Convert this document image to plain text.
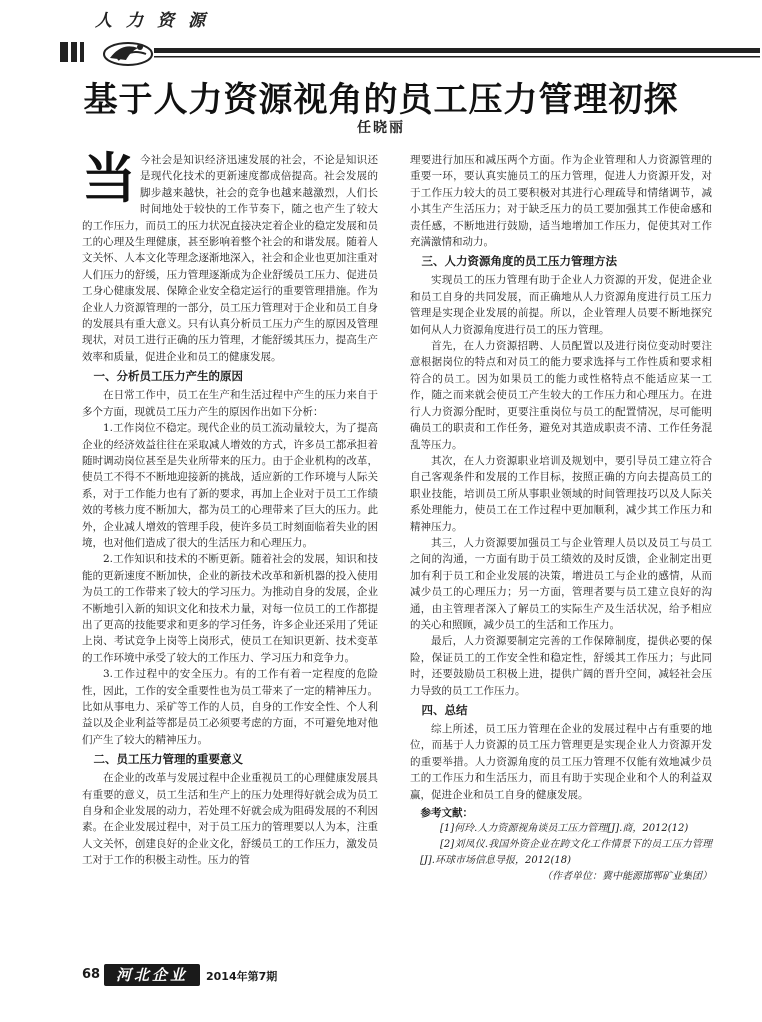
人力资源
基于人力资源视角的员工压力管理初探
任晓丽
当 今社会是知识经济迅速发展的社会，不论是知识还是现代化技术的更新速度都成倍提高。社会发展的脚步越来越快，社会的竞争也越来越激烈，人们长时间地处于较快的工作节奏下，随之也产生了较大的工作压力，而员工的压力状况直接决定着企业的稳定发展和员工的心理及生理健康，甚至影响着整个社会的和谐发展。随着人文关怀、人本文化等理念逐渐地深入，社会和企业也更加注重对人们压力的舒缓，压力管理逐渐成为企业舒缓员工压力、促进员工身心健康发展、保障企业安全稳定运行的重要管理措施。作为企业人力资源管理的一部分，员工压力管理对于企业和员工自身的发展具有重大意义。只有认真分析员工压力产生的原因及管理现状，对员工进行正确的压力管理，才能舒缓其压力，提高生产效率和质量，促进企业和员工的健康发展。

一、分析员工压力产生的原因

在日常工作中，员工在生产和生活过程中产生的压力来自于多个方面，现就员工压力产生的原因作出如下分析：

1.工作岗位不稳定。现代企业的员工流动量较大，为了提高企业的经济效益往往在采取减人增效的方式，许多员工都承担着随时调动岗位甚至是失业所带来的压力。由于企业机构的改革，使员工不得不不断地迎接新的挑战，适应新的工作环境与人际关系，对于工作能力也有了新的要求，再加上企业对于员工工作绩效的考核力度不断加大，都为员工的心理带来了巨大的压力。此外，企业减人增效的管理手段，使许多员工时刻面临着失业的困境，也对他们造成了很大的生活压力和心理压力。

2.工作知识和技术的不断更新。随着社会的发展，知识和技能的更新速度不断加快，企业的新技术改革和新机器的投入使用为员工的工作带来了较大的学习压力。为推动自身的发展，企业不断地引入新的知识文化和技术力量，对每一位员工的工作都提出了更高的技能要求和更多的学习任务，许多企业还采用了凭证上岗、考试竞争上岗等上岗形式，使员工在知识更新、技术变革的工作环境中承受了较大的工作压力、学习压力和竞争力。

3.工作过程中的安全压力。有的工作有着一定程度的危险性，因此，工作的安全重要性也为员工带来了一定的精神压力。比如从事电力、采矿等工作的人员，自身的工作安全性、个人利益以及企业利益等都是员工必须要考虑的方面，不可避免地对他们产生了较大的精神压力。

二、员工压力管理的重要意义

在企业的改革与发展过程中企业重视员工的心理健康发展具有重要的意义，员工生活和生产上的压力处理得好就会成为员工自身和企业发展的动力，若处理不好就会成为阻碍发展的不利因素。在企业发展过程中，对于员工压力的管理要以人为本，注重人文关怀，创建良好的企业文化，舒缓员工的工作压力，激发员工对于工作的积极主动性。压力的管

理要进行加压和减压两个方面。作为企业管理和人力资源管理的重要一环，要认真实施员工的压力管理，促进人力资源开发，对于工作压力较大的员工要积极对其进行心理疏导和情绪调节，减小其生产生活压力；对于缺乏压力的员工要加强其工作使命感和责任感，不断地进行鼓励，适当地增加工作压力，促使其对工作充满激情和动力。

三、人力资源角度的员工压力管理方法

实现员工的压力管理有助于企业人力资源的开发，促进企业和员工自身的共同发展，而正确地从人力资源角度进行员工压力管理是实现企业发展的前提。所以，企业管理人员要不断地探究如何从人力资源角度进行员工的压力管理。

首先，在人力资源招聘、人员配置以及进行岗位变动时要注意根据岗位的特点和对员工的能力要求选择与工作性质和要求相符合的员工。因为如果员工的能力或性格特点不能适应某一工作，随之而来就会使员工产生较大的工作压力和心理压力。在进行人力资源分配时，更要注重岗位与员工的配置情况，尽可能明确员工的职责和工作任务，避免对其造成职责不清、工作任务混乱等压力。

其次，在人力资源职业培训及规划中，要引导员工建立符合自己客观条件和发展的工作目标，按照正确的方向去提高员工的职业技能，培训员工所从事职业领域的时间管理技巧以及人际关系处理能力，使员工在工作过程中更加顺利，减少其工作压力和精神压力。

其三，人力资源要加强员工与企业管理人员以及员工与员工之间的沟通，一方面有助于员工绩效的及时反馈，企业制定出更加有利于员工和企业发展的决策，增进员工与企业的感情，从而减少员工的心理压力；另一方面，管理者要与员工建立良好的沟通，由主管理者深入了解员工的实际生产及生活状况，给予相应的关心和照顾，减少员工的生活和工作压力。

最后，人力资源要制定完善的工作保障制度，提供必要的保险，保证员工的工作安全性和稳定性，舒缓其工作压力；与此同时，还要鼓励员工积极上进，提供广阔的晋升空间，减轻社会压力导致的员工工作压力。

四、总结

综上所述，员工压力管理在企业的发展过程中占有重要的地位，而基于人力资源的员工压力管理更是实现企业人力资源开发的重要举措。人力资源角度的员工压力管理不仅能有效地减少员工的工作压力和生活压力，而且有助于实现企业和个人的利益双赢，促进企业和员工自身的健康发展。

参考文献：

[1]何玲.人力资源视角谈员工压力管理[J].商，2012(12)

[2]刘凤仪.我国外资企业在跨文化工作情景下的员工压力管理[J].环球市场信息导报，2012(18)

（作者单位：冀中能源邯郸矿业集团）

68	河北企业	2014年第7期
